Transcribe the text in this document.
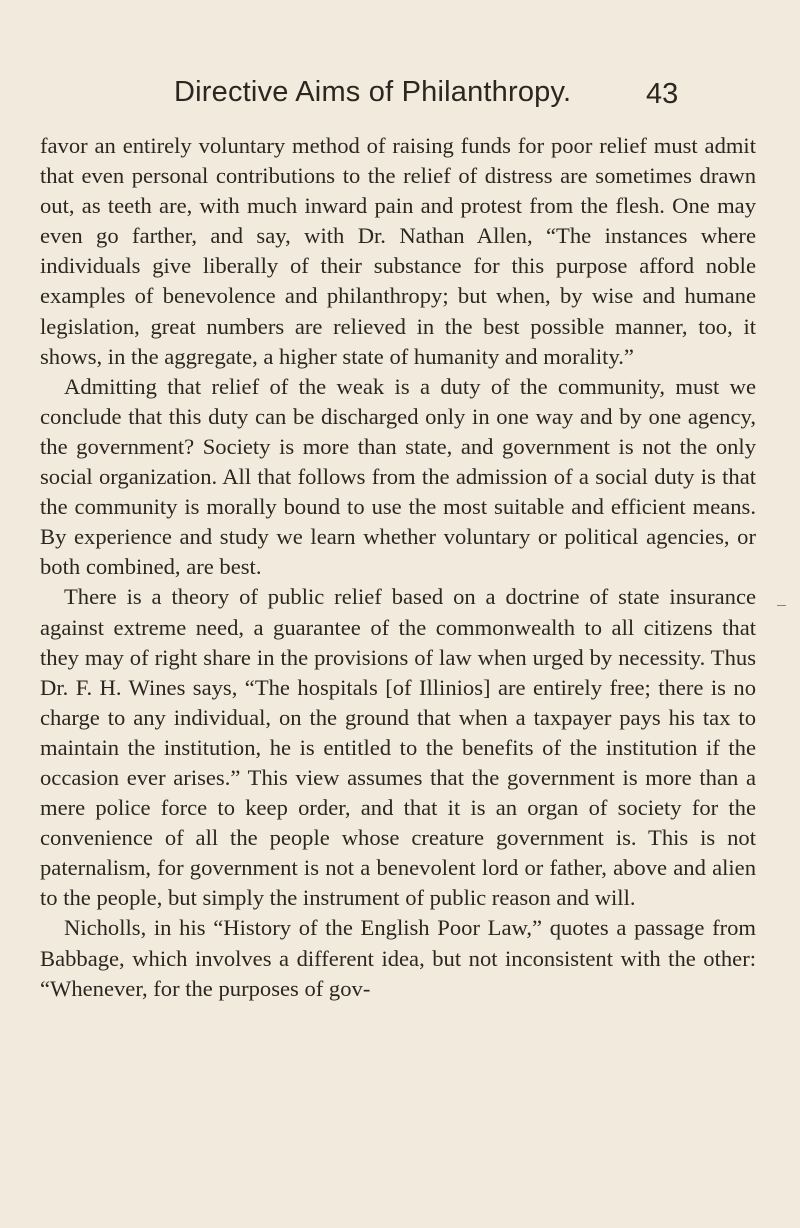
Directive Aims of Philanthropy.	43

favor an entirely voluntary method of raising funds for poor relief must admit that even personal contributions to the relief of distress are sometimes drawn out, as teeth are, with much inward pain and protest from the flesh. One may even go farther, and say, with Dr. Nathan Allen, “The instances where individuals give liberally of their substance for this purpose afford noble examples of benevolence and philanthropy; but when, by wise and humane legislation, great numbers are relieved in the best possible manner, too, it shows, in the aggregate, a higher state of humanity and morality.”

Admitting that relief of the weak is a duty of the community, must we conclude that this duty can be discharged only in one way and by one agency, the government? Society is more than state, and government is not the only social organization. All that follows from the admission of a social duty is that the community is morally bound to use the most suitable and efficient means. By experience and study we learn whether voluntary or political agencies, or both combined, are best.

There is a theory of public relief based on a doctrine of state insurance against extreme need, a guarantee of the commonwealth to all citizens that they may of right share in the provisions of law when urged by necessity. Thus Dr. F. H. Wines says, “The hospitals [of Illinios] are entirely free; there is no charge to any individual, on the ground that when a taxpayer pays his tax to maintain the institution, he is entitled to the benefits of the institution if the occasion ever arises.” This view assumes that the government is more than a mere police force to keep order, and that it is an organ of society for the convenience of all the people whose creature government is. This is not paternalism, for government is not a benevolent lord or father, above and alien to the people, but simply the instrument of public reason and will.

Nicholls, in his “History of the English Poor Law,” quotes a passage from Babbage, which involves a different idea, but not inconsistent with the other: “Whenever, for the purposes of gov-
